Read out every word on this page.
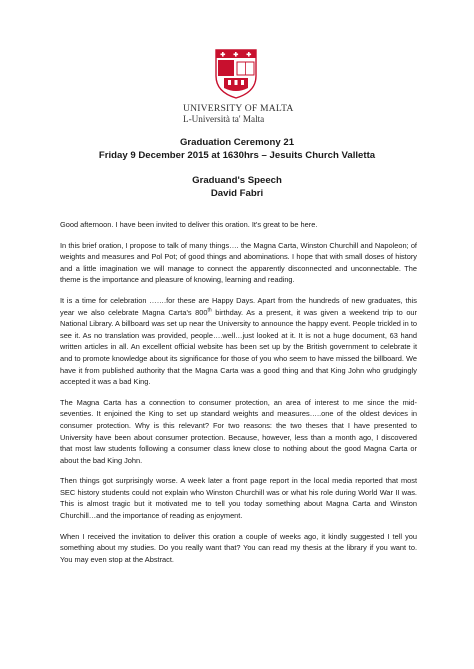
UNIVERSITY OF MALTA
L-Università ta' Malta
Graduation Ceremony 21
Friday 9 December 2015 at 1630hrs – Jesuits Church Valletta
Graduand's Speech
David Fabri

Good afternoon. I have been invited to deliver this oration. It's great to be here.

In this brief oration, I propose to talk of many things…. the Magna Carta, Winston Churchill and Napoleon; of weights and measures and Pol Pot; of good things and abominations. I hope that with small doses of history and a little imagination we will manage to connect the apparently disconnected and unconnectable. The theme is the importance and pleasure of knowing, learning and reading.

It is a time for celebration …….for these are Happy Days. Apart from the hundreds of new graduates, this year we also celebrate Magna Carta's 800th birthday. As a present, it was given a weekend trip to our National Library. A billboard was set up near the University to announce the happy event. People trickled in to see it. As no translation was provided, people….well…just looked at it. It is not a huge document, 63 hand written articles in all. An excellent official website has been set up by the British government to celebrate it and to promote knowledge about its significance for those of you who seem to have missed the billboard. We have it from published authority that the Magna Carta was a good thing and that King John who grudgingly accepted it was a bad King.

The Magna Carta has a connection to consumer protection, an area of interest to me since the mid-seventies. It enjoined the King to set up standard weights and measures…..one of the oldest devices in consumer protection. Why is this relevant? For two reasons: the two theses that I have presented to University have been about consumer protection. Because, however, less than a month ago, I discovered that most law students following a consumer class knew close to nothing about the good Magna Carta or about the bad King John.

Then things got surprisingly worse. A week later a front page report in the local media reported that most SEC history students could not explain who Winston Churchill was or what his role during World War II was. This is almost tragic but it motivated me to tell you today something about Magna Carta and Winston Churchill…and the importance of reading as enjoyment.

When I received the invitation to deliver this oration a couple of weeks ago, it kindly suggested I tell you something about my studies. Do you really want that? You can read my thesis at the library if you want to. You may even stop at the Abstract.
